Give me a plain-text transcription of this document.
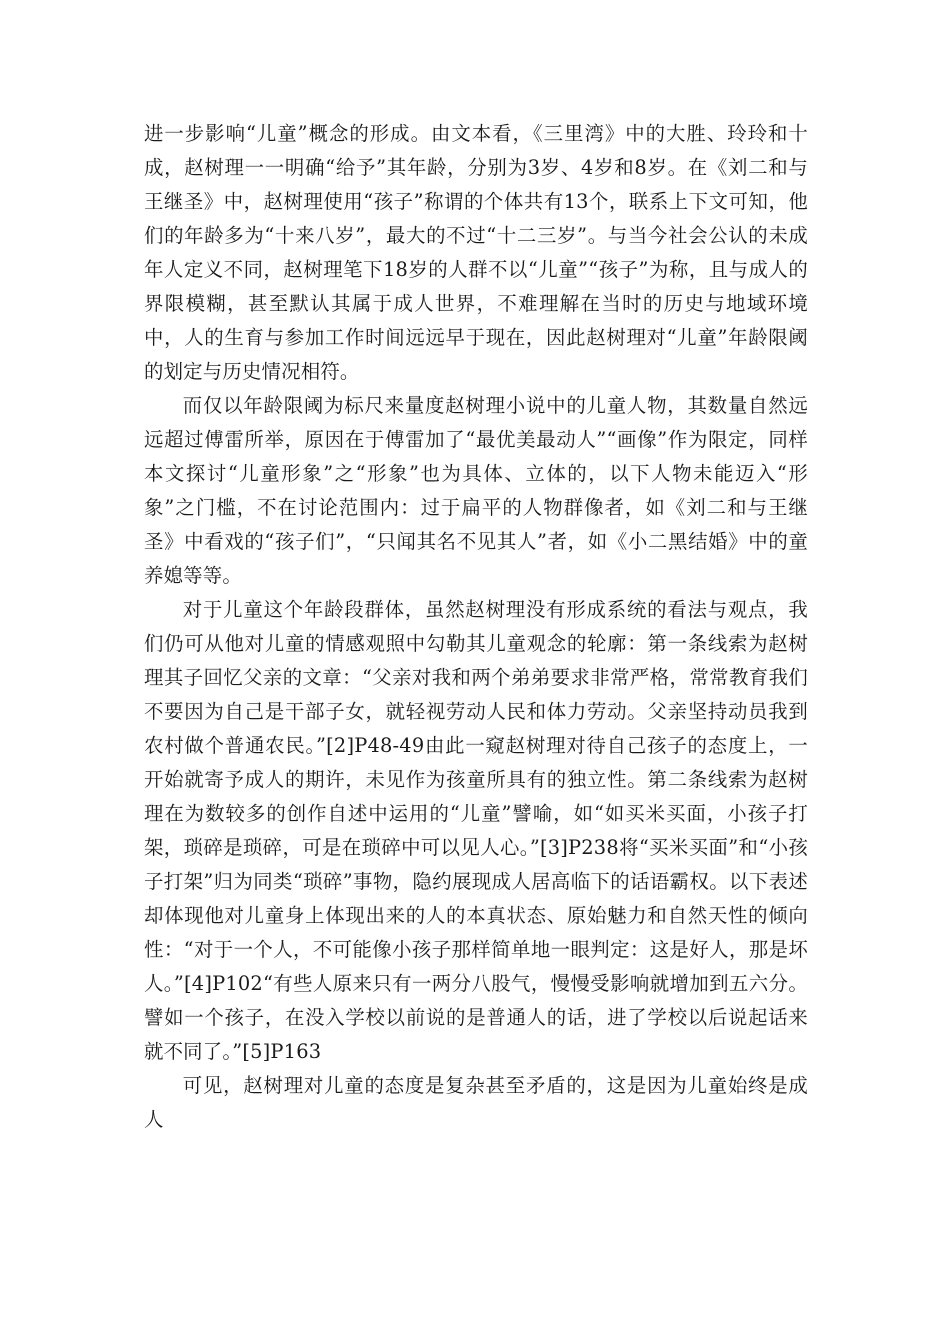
进一步影响“儿童”概念的形成。由文本看，《三里湾》中的大胜、玲玲和十成，赵树理一一明确“给予”其年龄，分别为3岁、4岁和8岁。在《刘二和与王继圣》中，赵树理使用“孩子”称谓的个体共有13个，联系上下文可知，他们的年龄多为“十来八岁”，最大的不过“十二三岁”。与当今社会公认的未成年人定义不同，赵树理笔下18岁的人群不以“儿童”“孩子”为称，且与成人的界限模糊，甚至默认其属于成人世界，不难理解在当时的历史与地域环境中，人的生育与参加工作时间远远早于现在，因此赵树理对“儿童”年龄限阈的划定与历史情况相符。

而仅以年龄限阈为标尺来量度赵树理小说中的儿童人物，其数量自然远远超过傅雷所举，原因在于傅雷加了“最优美最动人”“画像”作为限定，同样本文探讨“儿童形象”之“形象”也为具体、立体的，以下人物未能迈入“形象”之门槛，不在讨论范围内：过于扁平的人物群像者，如《刘二和与王继圣》中看戏的“孩子们”，“只闻其名不见其人”者，如《小二黑结婚》中的童养媳等等。

对于儿童这个年龄段群体，虽然赵树理没有形成系统的看法与观点，我们仍可从他对儿童的情感观照中勾勒其儿童观念的轮廓：第一条线索为赵树理其子回忆父亲的文章：“父亲对我和两个弟弟要求非常严格，常常教育我们不要因为自己是干部子女，就轻视劳动人民和体力劳动。父亲坚持动员我到农村做个普通农民。”[2]P48-49由此一窥赵树理对待自己孩子的态度上，一开始就寄予成人的期许，未见作为孩童所具有的独立性。第二条线索为赵树理在为数较多的创作自述中运用的“儿童”譬喻，如“如买米买面，小孩子打架，琐碎是琐碎，可是在琐碎中可以见人心。”[3]P238将“买米买面”和“小孩子打架”归为同类“琐碎”事物，隐约展现成人居高临下的话语霸权。以下表述却体现他对儿童身上体现出来的人的本真状态、原始魅力和自然天性的倾向性：“对于一个人，不可能像小孩子那样简单地一眼判定：这是好人，那是坏人。”[4]P102“有些人原来只有一两分八股气，慢慢受影响就增加到五六分。譬如一个孩子，在没入学校以前说的是普通人的话，进了学校以后说起话来就不同了。”[5]P163

可见，赵树理对儿童的态度是复杂甚至矛盾的，这是因为儿童始终是成人
